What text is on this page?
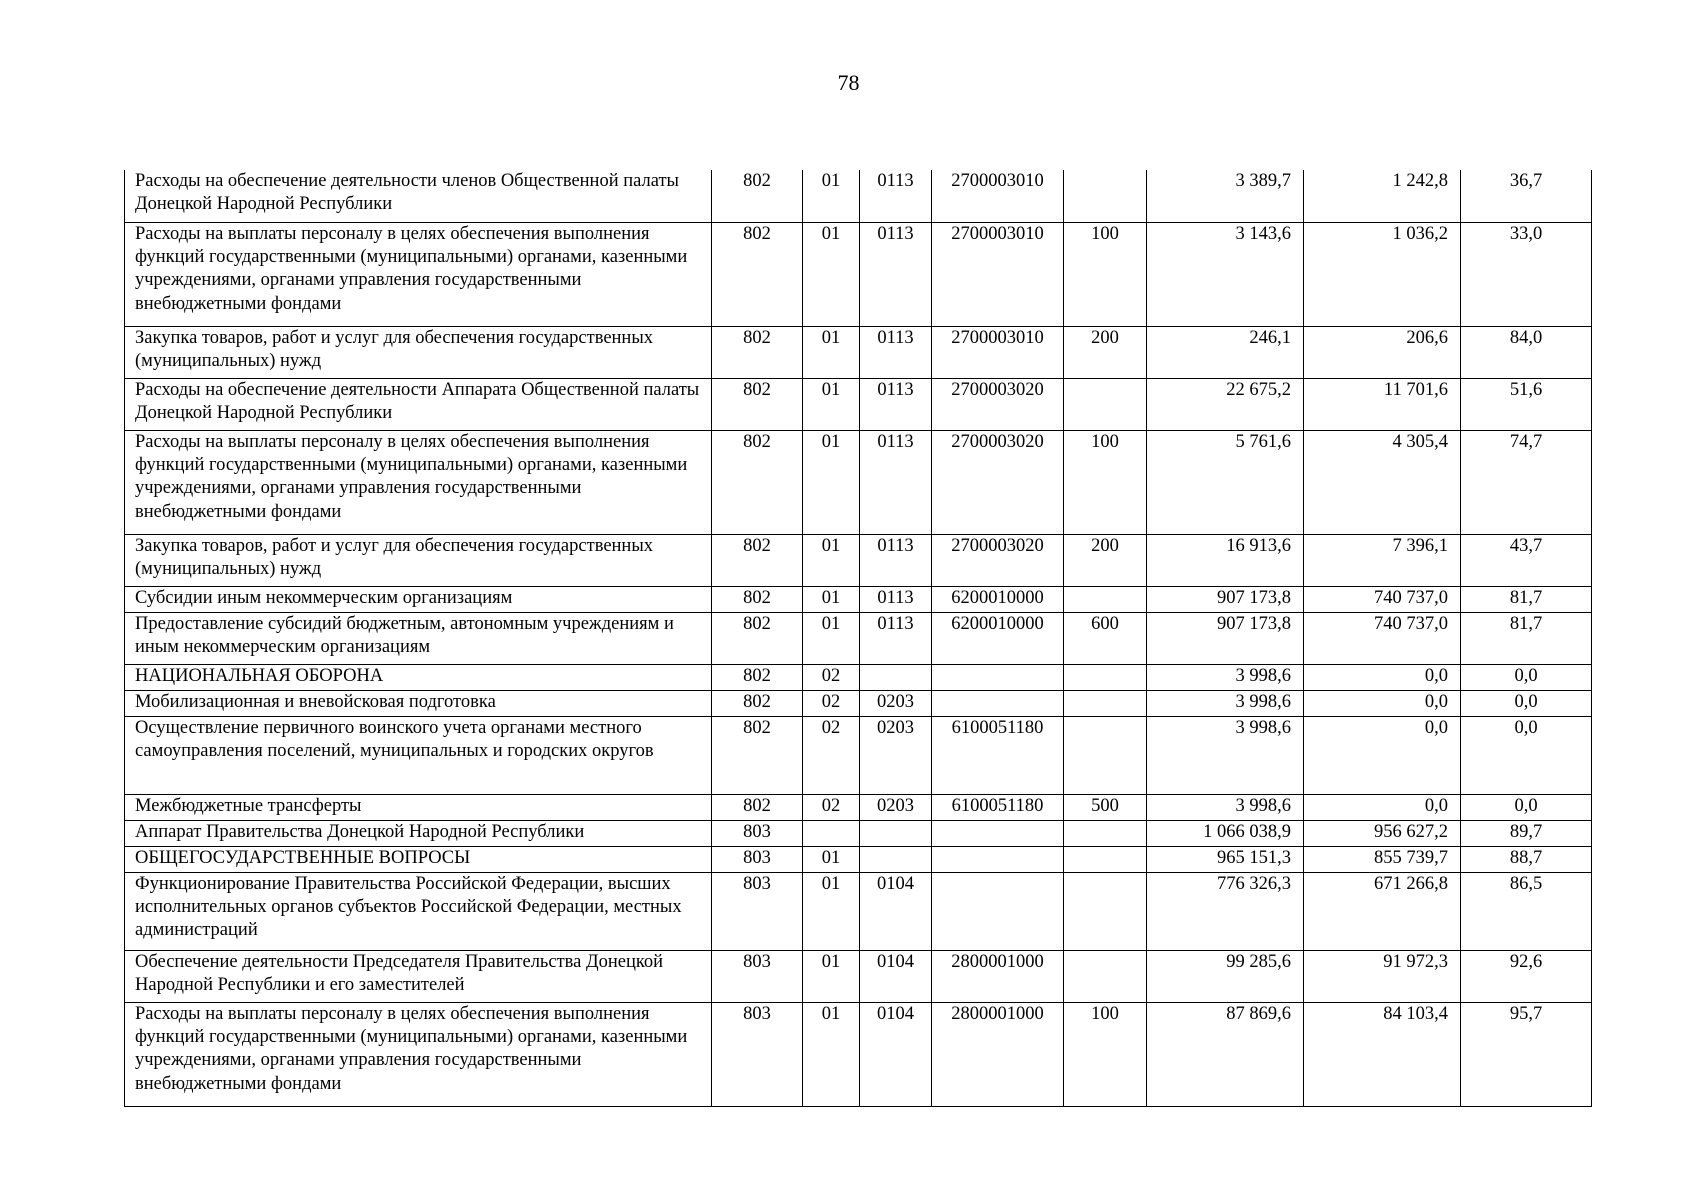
78
Расходы на обеспечение деятельности членов Общественной палаты Донецкой Народной Республики	802	01	0113	2700003010		3 389,7	1 242,8	36,7
Расходы на выплаты персоналу в целях обеспечения выполнения функций государственными (муниципальными) органами, казенными учреждениями, органами управления государственными внебюджетными фондами	802	01	0113	2700003010	100	3 143,6	1 036,2	33,0
Закупка товаров, работ и услуг для обеспечения государственных (муниципальных) нужд	802	01	0113	2700003010	200	246,1	206,6	84,0
Расходы на обеспечение деятельности Аппарата Общественной палаты Донецкой Народной Республики	802	01	0113	2700003020		22 675,2	11 701,6	51,6
Расходы на выплаты персоналу в целях обеспечения выполнения функций государственными (муниципальными) органами, казенными учреждениями, органами управления государственными внебюджетными фондами	802	01	0113	2700003020	100	5 761,6	4 305,4	74,7
Закупка товаров, работ и услуг для обеспечения государственных (муниципальных) нужд	802	01	0113	2700003020	200	16 913,6	7 396,1	43,7
Субсидии иным некоммерческим организациям	802	01	0113	6200010000		907 173,8	740 737,0	81,7
Предоставление субсидий бюджетным, автономным учреждениям и иным некоммерческим организациям	802	01	0113	6200010000	600	907 173,8	740 737,0	81,7
НАЦИОНАЛЬНАЯ ОБОРОНА	802	02				3 998,6	0,0	0,0
Мобилизационная и вневойсковая подготовка	802	02	0203			3 998,6	0,0	0,0
Осуществление первичного воинского учета органами местного самоуправления поселений, муниципальных и городских округов	802	02	0203	6100051180		3 998,6	0,0	0,0
Межбюджетные трансферты	802	02	0203	6100051180	500	3 998,6	0,0	0,0
Аппарат Правительства Донецкой Народной Республики	803					1 066 038,9	956 627,2	89,7
ОБЩЕГОСУДАРСТВЕННЫЕ ВОПРОСЫ	803	01				965 151,3	855 739,7	88,7
Функционирование Правительства Российской Федерации, высших исполнительных органов субъектов Российской Федерации, местных администраций	803	01	0104			776 326,3	671 266,8	86,5
Обеспечение деятельности Председателя Правительства Донецкой Народной Республики и его заместителей	803	01	0104	2800001000		99 285,6	91 972,3	92,6
Расходы на выплаты персоналу в целях обеспечения выполнения функций государственными (муниципальными) органами, казенными учреждениями, органами управления государственными внебюджетными фондами	803	01	0104	2800001000	100	87 869,6	84 103,4	95,7
